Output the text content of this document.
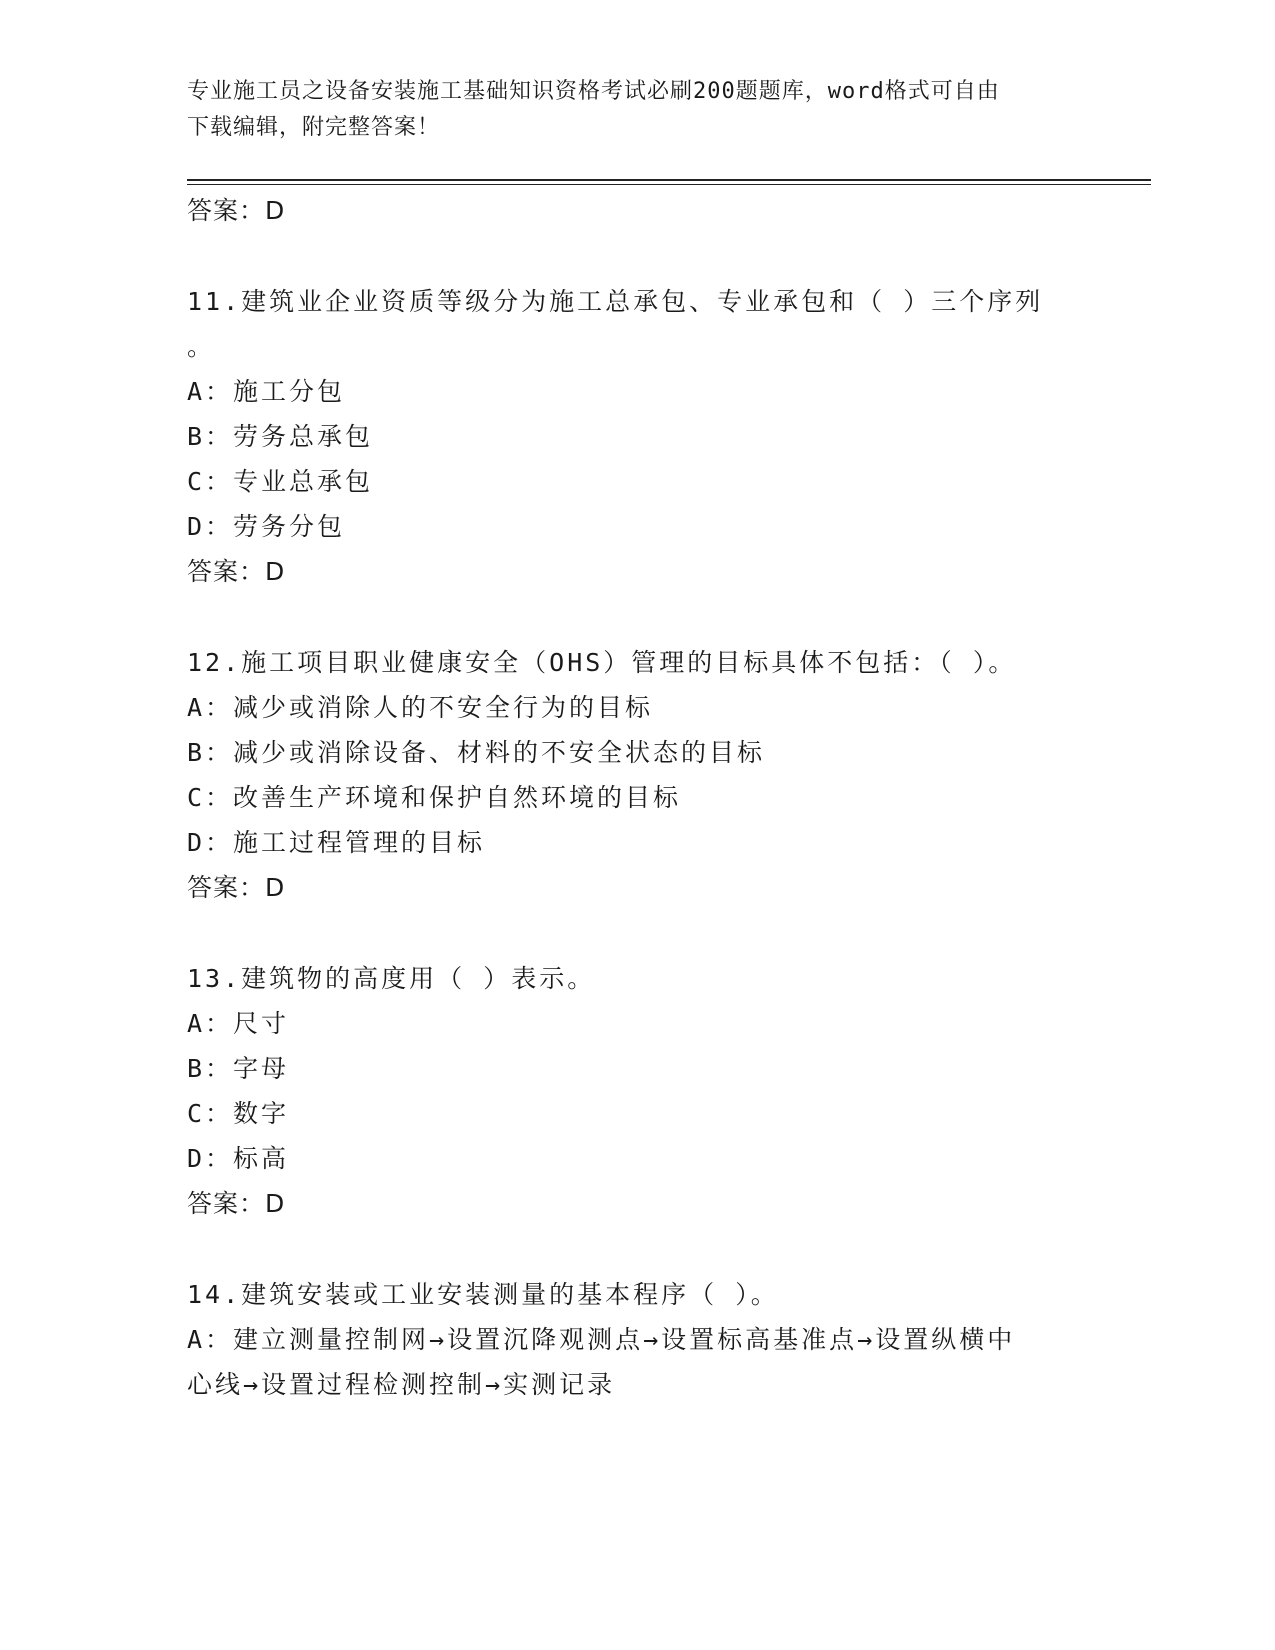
专业施工员之设备安装施工基础知识资格考试必刷200题题库，word格式可自由
下载编辑，附完整答案！
答案：D
11.建筑业企业资质等级分为施工总承包、专业承包和（ ）三个序列
。
A：施工分包
B：劳务总承包
C：专业总承包
D：劳务分包
答案：D
12.施工项目职业健康安全（OHS）管理的目标具体不包括：（ ）。
A：减少或消除人的不安全行为的目标
B：减少或消除设备、材料的不安全状态的目标
C：改善生产环境和保护自然环境的目标
D：施工过程管理的目标
答案：D
13.建筑物的高度用（ ）表示。
A：尺寸
B：字母
C：数字
D：标高
答案：D
14.建筑安装或工业安装测量的基本程序（ ）。
A：建立测量控制网→设置沉降观测点→设置标高基准点→设置纵横中
心线→设置过程检测控制→实测记录
